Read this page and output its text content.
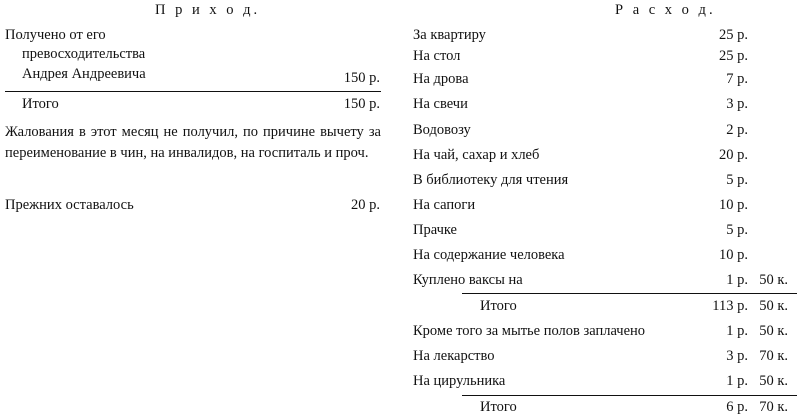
П р и х о д.
Получено от его
превосходительства
Андрея Андреевича	150 р.
Итого	150 р.
Жалования в этот месяц не получил, по причине вычету за переименование в чин, на инвалидов, на госпиталь и проч.
Прежних оставалось	20 р.
Р а с х о д.
За квартиру	25 р.
На стол	25 р.
На дрова	7 р.
На свечи	3 р.
Водовозу	2 р.
На чай, сахар и хлеб	20 р.
В библиотеку для чтения	5 р.
На сапоги	10 р.
Прачке	5 р.
На содержание человека	10 р.
Куплено ваксы на	1 р. 50 к.
Итого	113 р. 50 к.
Кроме того за мытье полов заплачено	1 р. 50 к.
На лекарство	3 р. 70 к.
На цирульника	1 р. 50 к.
Итого	6 р. 70 к.
